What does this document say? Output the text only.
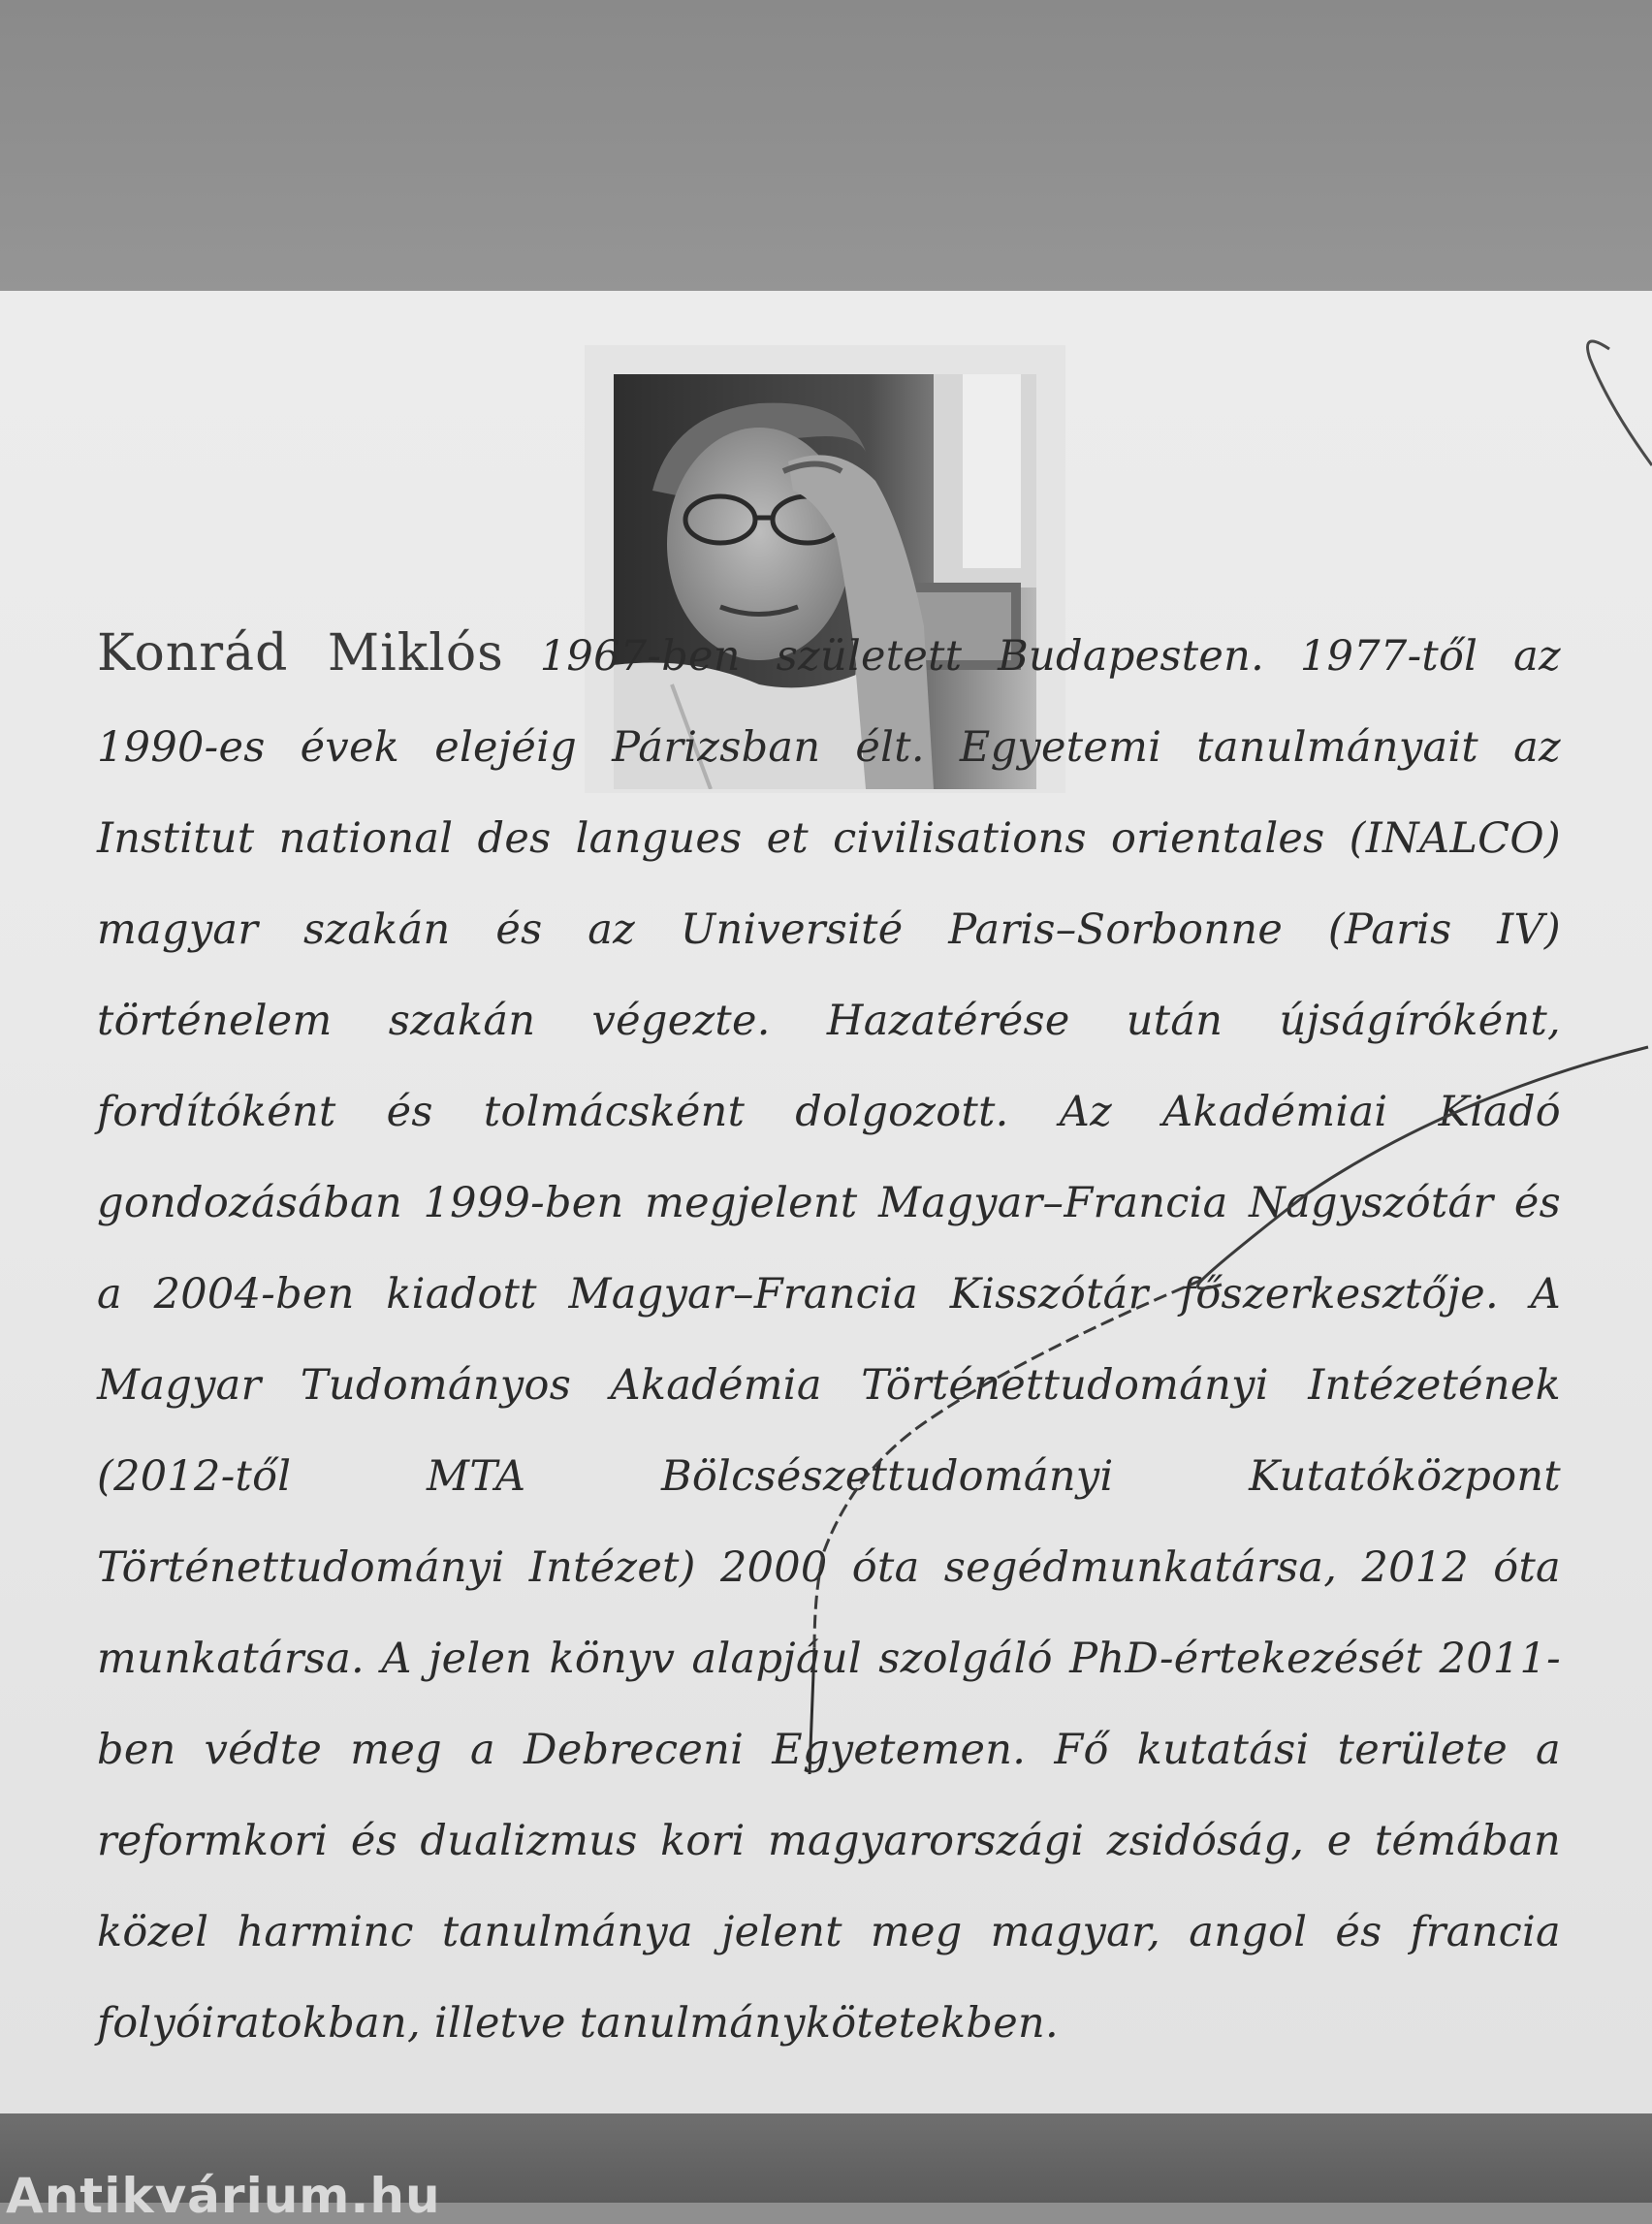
Konrád Miklós 1967-ben született Budapesten. 1977-től az 1990-es évek elejéig Párizsban élt. Egyetemi tanulmányait az Institut national des langues et civilisations orientales (INALCO) magyar szakán és az Université Paris–Sorbonne (Paris IV) történelem szakán végezte. Hazatérése után újságíróként, fordítóként és tolmácsként dolgozott. Az Akadémiai Kiadó gondozásában 1999-ben megjelent Magyar–Francia Nagyszótár és a 2004-ben kiadott Magyar–Francia Kisszótár főszerkesztője. A Magyar Tudományos Akadémia Történettudományi Intézetének (2012-től MTA Bölcsészettudományi Kutatóközpont Történettudományi Intézet) 2000 óta segédmunkatársa, 2012 óta munkatársa. A jelen könyv alapjául szolgáló PhD-értekezését 2011-ben védte meg a Debreceni Egyetemen. Fő kutatási területe a reformkori és dualizmus kori magyarországi zsidóság, e témában közel harminc tanulmánya jelent meg magyar, angol és francia folyóiratokban, illetve tanulmánykötetekben.

Antikvárium.hu
